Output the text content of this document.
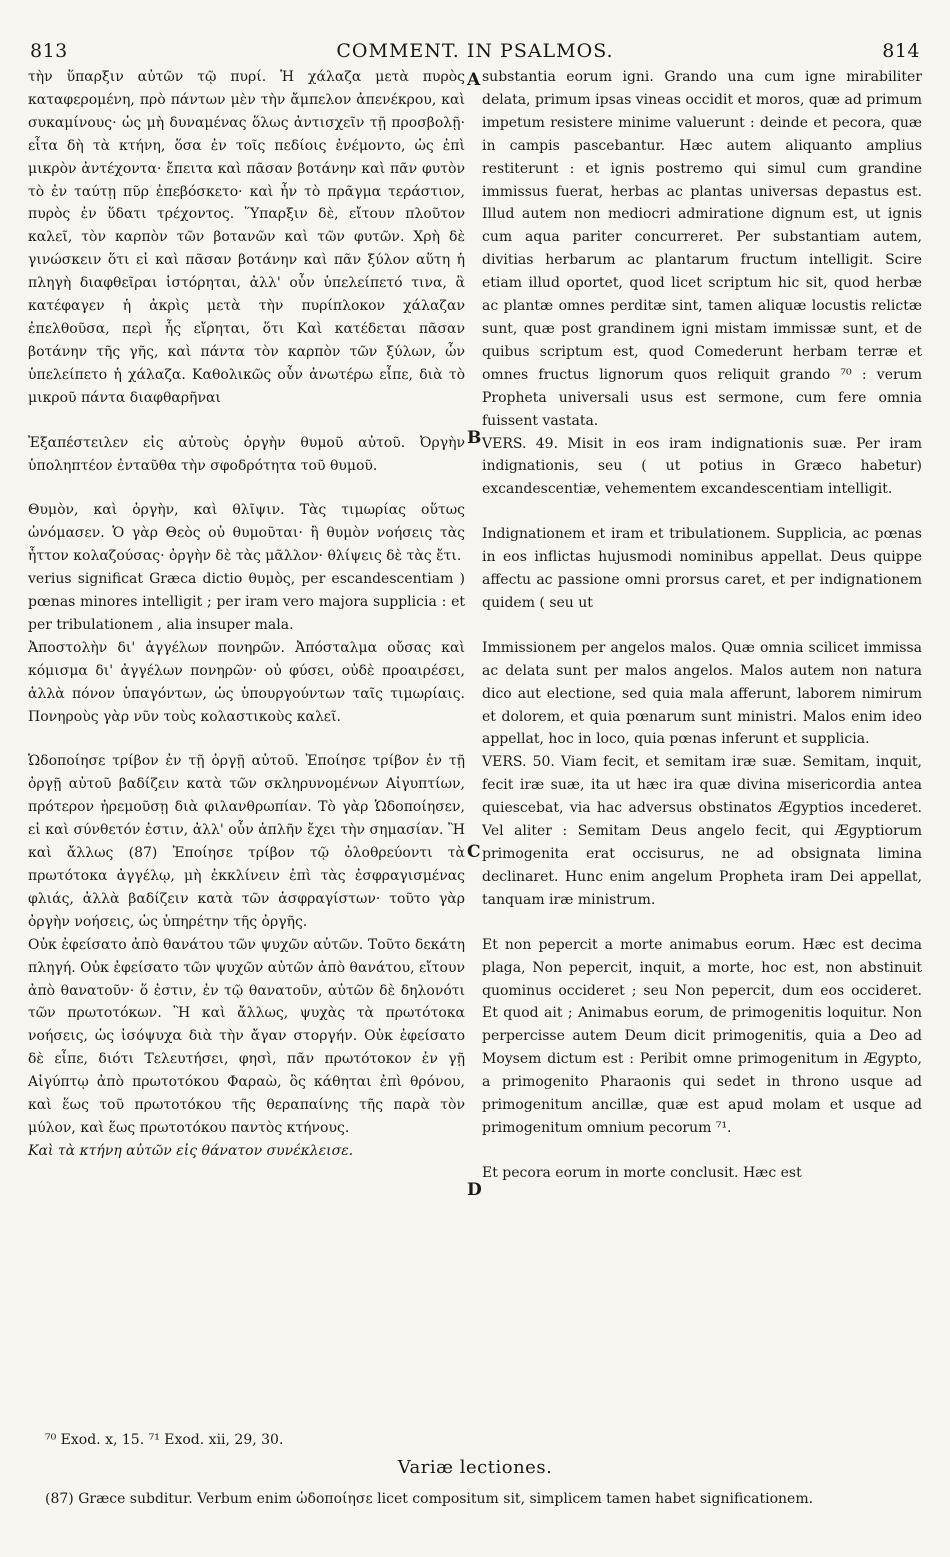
813	COMMENT. IN PSALMOS.	814

τὴν ὕπαρξιν αὐτῶν τῷ πυρί. Ἡ χάλαζα μετὰ πυρὸς καταφερομένη, πρὸ πάντων μὲν τὴν ἄμπελον ἀπενέκρου, καὶ συκαμίνους· ὡς μὴ δυναμένας ὅλως ἀντισχεῖν τῇ προσβολῇ· εἶτα δὴ τὰ κτήνη, ὅσα ἐν τοῖς πεδίοις ἐνέμοντο, ὡς ἐπὶ μικρὸν ἀντέχοντα· ἔπειτα καὶ πᾶσαν βοτάνην καὶ πᾶν φυτὸν τὸ ἐν ταύτῃ πῦρ ἐπεβόσκετο· καὶ ἦν τὸ πρᾶγμα τεράστιον, πυρὸς ἐν ὕδατι τρέχοντος. Ὕπαρξιν δὲ, εἴτουν πλοῦτον καλεῖ, τὸν καρπὸν τῶν βοτανῶν καὶ τῶν φυτῶν. Χρὴ δὲ γινώσκειν ὅτι εἰ καὶ πᾶσαν βοτάνην καὶ πᾶν ξύλον αὕτη ἡ πληγὴ διαφθεῖραι ἱστόρηται, ἀλλ' οὖν ὑπελείπετό τινα, ἃ κατέφαγεν ἡ ἀκρὶς μετὰ τὴν πυρίπλοκον χάλαζαν ἐπελθοῦσα, περὶ ἧς εἴρηται, ὅτι Καὶ κατέδεται πᾶσαν βοτάνην τῆς γῆς, καὶ πάντα τὸν καρπὸν τῶν ξύλων, ὧν ὑπελείπετο ἡ χάλαζα. Καθολικῶς οὖν ἀνωτέρω εἶπε, διὰ τὸ μικροῦ πάντα διαφθαρῆναι

Ἐξαπέστειλεν εἰς αὐτοὺς ὀργὴν θυμοῦ αὐτοῦ. Ὀργὴν ὑποληπτέον ἐνταῦθα τὴν σφοδρότητα τοῦ θυμοῦ.

Θυμὸν, καὶ ὀργὴν, καὶ θλῖψιν. Τὰς τιμωρίας οὕτως ὠνόμασεν. Ὁ γὰρ Θεὸς οὐ θυμοῦται· ἢ θυμὸν νοήσεις τὰς ἧττον κολαζούσας· ὀργὴν δὲ τὰς μᾶλλον· θλίψεις δὲ τὰς ἔτι.

verius significat Græca dictio θυμὸς, per escandescentiam ) pœnas minores intelligit ; per iram vero majora supplicia : et per tribulationem , alia insuper mala.

Ἀποστολὴν δι' ἀγγέλων πονηρῶν. Ἀπόσταλμα οὔσας καὶ κόμισμα δι' ἀγγέλων πονηρῶν· οὐ φύσει, οὐδὲ προαιρέσει, ἀλλὰ πόνον ὑπαγόντων, ὡς ὑπουργούντων ταῖς τιμωρίαις. Πονηροὺς γὰρ νῦν τοὺς κολαστικοὺς καλεῖ.

Ὡδοποίησε τρίβον ἐν τῇ ὀργῇ αὐτοῦ. Ἐποίησε τρίβον ἐν τῇ ὀργῇ αὐτοῦ βαδίζειν κατὰ τῶν σκληρυνομένων Αἰγυπτίων, πρότερον ἠρεμοῦσῃ διὰ φιλανθρωπίαν. Τὸ γὰρ Ὡδοποίησεν, εἰ καὶ σύνθετόν ἐστιν, ἀλλ' οὖν ἁπλῆν ἔχει τὴν σημασίαν. Ἢ καὶ ἄλλως (87) Ἐποίησε τρίβον τῷ ὀλοθρεύοντι τὰ πρωτότοκα ἀγγέλῳ, μὴ ἐκκλίνειν ἐπὶ τὰς ἐσφραγισμένας φλιάς, ἀλλὰ βαδίζειν κατὰ τῶν ἀσφραγίστων· τοῦτο γὰρ ὀργὴν νοήσεις, ὡς ὑπηρέτην τῆς ὀργῆς.

Οὐκ ἐφείσατο ἀπὸ θανάτου τῶν ψυχῶν αὐτῶν. Τοῦτο δεκάτη πληγή. Οὐκ ἐφείσατο τῶν ψυχῶν αὐτῶν ἀπὸ θανάτου, εἴτουν ἀπὸ θανατοῦν· ὅ ἐστιν, ἐν τῷ θανατοῦν, αὐτῶν δὲ δηλονότι τῶν πρωτοτόκων. Ἢ καὶ ἄλλως, ψυχὰς τὰ πρωτότοκα νοήσεις, ὡς ἰσόψυχα διὰ τὴν ἄγαν στοργήν. Οὐκ ἐφείσατο δὲ εἶπε, διότι Τελευτήσει, φησὶ, πᾶν πρωτότοκον ἐν γῇ Αἰγύπτῳ ἀπὸ πρωτοτόκου Φαραὼ, ὃς κάθηται ἐπὶ θρόνου, καὶ ἕως τοῦ πρωτοτόκου τῆς θεραπαίνης τῆς παρὰ τὸν μύλον, καὶ ἕως πρωτοτόκου παντὸς κτήνους.

Καὶ τὰ κτήνη αὐτῶν εἰς θάνατον συνέκλεισε.

A
B
C
D

substantia eorum igni. Grando una cum igne mirabiliter delata, primum ipsas vineas occidit et moros, quæ ad primum impetum resistere minime valuerunt : deinde et pecora, quæ in campis pascebantur. Hæc autem aliquanto amplius restiterunt : et ignis postremo qui simul cum grandine immissus fuerat, herbas ac plantas universas depastus est. Illud autem non mediocri admiratione dignum est, ut ignis cum aqua pariter concurreret. Per substantiam autem, divitias herbarum ac plantarum fructum intelligit. Scire etiam illud oportet, quod licet scriptum hic sit, quod herbæ ac plantæ omnes perditæ sint, tamen aliquæ locustis relictæ sunt, quæ post grandinem igni mistam immissæ sunt, et de quibus scriptum est, quod Comederunt herbam terræ et omnes fructus lignorum quos reliquit grando ⁷⁰ : verum Propheta universali usus est sermone, cum fere omnia fuissent vastata.

VERS. 49. Misit in eos iram indignationis suæ. Per iram indignationis, seu ( ut potius in Græco habetur) excandescentiæ, vehementem excandescentiam intelligit.

Indignationem et iram et tribulationem. Supplicia, ac pœnas in eos inflictas hujusmodi nominibus appellat. Deus quippe affectu ac passione omni prorsus caret, et per indignationem quidem ( seu ut

Immissionem per angelos malos. Quæ omnia scilicet immissa ac delata sunt per malos angelos. Malos autem non natura dico aut electione, sed quia mala afferunt, laborem nimirum et dolorem, et quia pœnarum sunt ministri. Malos enim ideo appellat, hoc in loco, quia pœnas inferunt et supplicia.

VERS. 50. Viam fecit, et semitam iræ suæ. Semitam, inquit, fecit iræ suæ, ita ut hæc ira quæ divina misericordia antea quiescebat, via hac adversus obstinatos Ægyptios incederet. Vel aliter : Semitam Deus angelo fecit, qui Ægyptiorum primogenita erat occisurus, ne ad obsignata limina declinaret. Hunc enim angelum Propheta iram Dei appellat, tanquam iræ ministrum.

Et non pepercit a morte animabus eorum. Hæc est decima plaga, Non pepercit, inquit, a morte, hoc est, non abstinuit quominus occideret ; seu Non pepercit, dum eos occideret. Et quod ait ; Animabus eorum, de primogenitis loquitur. Non perpercisse autem Deum dicit primogenitis, quia a Deo ad Moysem dictum est : Peribit omne primogenitum in Ægypto, a primogenito Pharaonis qui sedet in throno usque ad primogenitum ancillæ, quæ est apud molam et usque ad primogenitum omnium pecorum ⁷¹.

Et pecora eorum in morte conclusit. Hæc est

⁷⁰ Exod. x, 15. ⁷¹ Exod. xii, 29, 30.
Variæ lectiones.
(87) Græce subditur. Verbum enim ὡδοποίησε licet compositum sit, simplicem tamen habet significationem.
